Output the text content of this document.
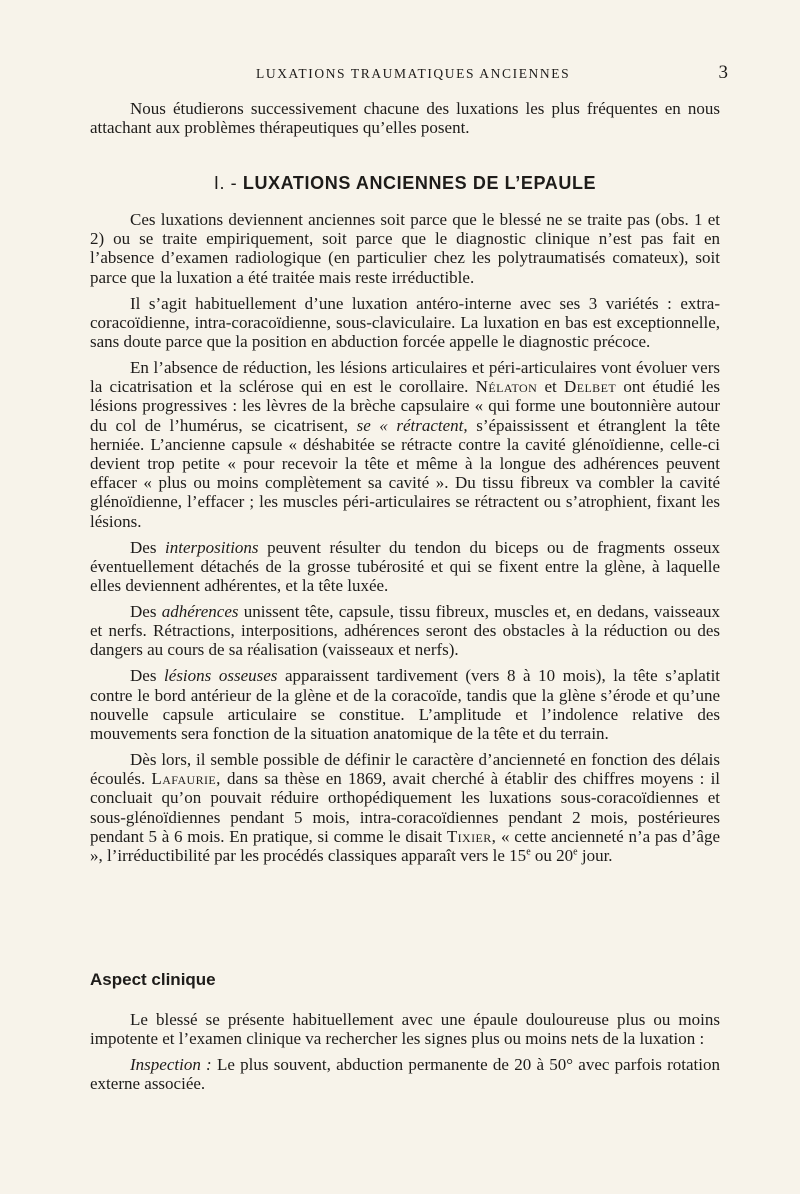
LUXATIONS TRAUMATIQUES ANCIENNES	3

Nous étudierons successivement chacune des luxations les plus fréquentes en nous attachant aux problèmes thérapeutiques qu’elles posent.

I. - LUXATIONS ANCIENNES DE L’EPAULE

Ces luxations deviennent anciennes soit parce que le blessé ne se traite pas (obs. 1 et 2) ou se traite empiriquement, soit parce que le diagnostic clinique n’est pas fait en l’absence d’examen radiologique (en particulier chez les polytraumatisés comateux), soit parce que la luxation a été traitée mais reste irréductible.

Il s’agit habituellement d’une luxation antéro-interne avec ses 3 variétés : extra-coracoïdienne, intra-coracoïdienne, sous-claviculaire. La luxation en bas est exceptionnelle, sans doute parce que la position en abduction forcée appelle le diagnostic précoce.

En l’absence de réduction, les lésions articulaires et péri-articulaires vont évoluer vers la cicatrisation et la sclérose qui en est le corollaire. Nélaton et Delbet ont étudié les lésions progressives : les lèvres de la brèche capsulaire « qui forme une boutonnière autour du col de l’humérus, se cicatrisent, se « rétractent, s’épaississent et étranglent la tête herniée. L’ancienne capsule « déshabitée se rétracte contre la cavité glénoïdienne, celle-ci devient trop petite « pour recevoir la tête et même à la longue des adhérences peuvent effacer « plus ou moins complètement sa cavité ». Du tissu fibreux va combler la cavité glénoïdienne, l’effacer ; les muscles péri-articulaires se rétractent ou s’atrophient, fixant les lésions.

Des interpositions peuvent résulter du tendon du biceps ou de fragments osseux éventuellement détachés de la grosse tubérosité et qui se fixent entre la glène, à laquelle elles deviennent adhérentes, et la tête luxée.

Des adhérences unissent tête, capsule, tissu fibreux, muscles et, en dedans, vaisseaux et nerfs. Rétractions, interpositions, adhérences seront des obstacles à la réduction ou des dangers au cours de sa réalisation (vaisseaux et nerfs).

Des lésions osseuses apparaissent tardivement (vers 8 à 10 mois), la tête s’aplatit contre le bord antérieur de la glène et de la coracoïde, tandis que la glène s’érode et qu’une nouvelle capsule articulaire se constitue. L’amplitude et l’indolence relative des mouvements sera fonction de la situation anatomique de la tête et du terrain.

Dès lors, il semble possible de définir le caractère d’ancienneté en fonction des délais écoulés. Lafaurie, dans sa thèse en 1869, avait cherché à établir des chiffres moyens : il concluait qu’on pouvait réduire orthopédiquement les luxations sous-coracoïdiennes et sous-glénoïdiennes pendant 5 mois, intra-coracoïdiennes pendant 2 mois, postérieures pendant 5 à 6 mois. En pratique, si comme le disait Tixier, « cette ancienneté n’a pas d’âge », l’irréductibilité par les procédés classiques apparaît vers le 15e ou 20e jour.

Aspect clinique

Le blessé se présente habituellement avec une épaule douloureuse plus ou moins impotente et l’examen clinique va rechercher les signes plus ou moins nets de la luxation :

Inspection : Le plus souvent, abduction permanente de 20 à 50° avec parfois rotation externe associée.
